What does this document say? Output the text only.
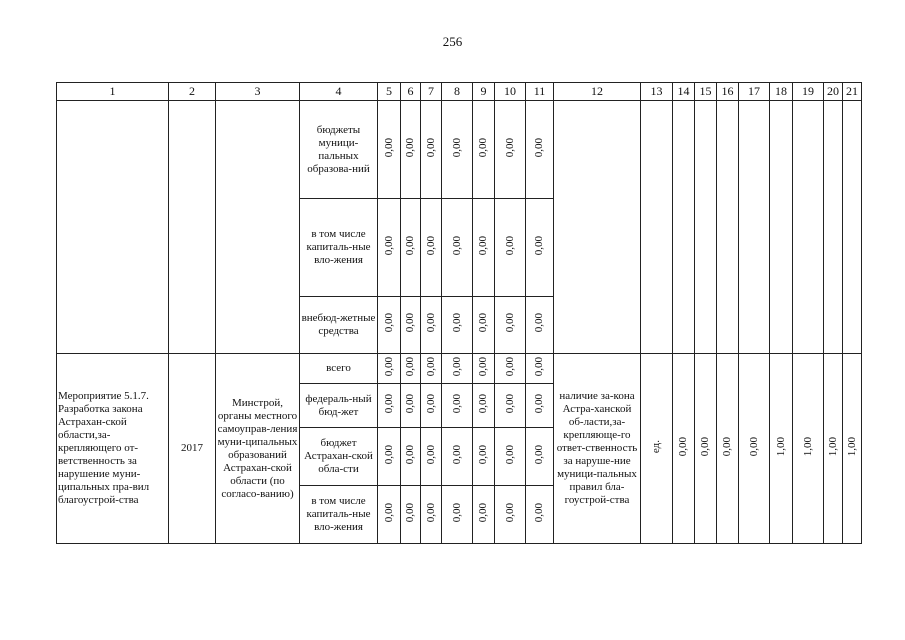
256
1	2	3	4	5	6	7	8	9	10	11	12	13	14	15	16	17	18	19	20	21
			бюджеты муници-пальных образова-ний	0,00	0,00	0,00	0,00	0,00	0,00	0,00										
			в том числе капиталь-ные вло-жения	0,00	0,00	0,00	0,00	0,00	0,00	0,00										
			внебюд-жетные средства	0,00	0,00	0,00	0,00	0,00	0,00	0,00										
Мероприятие 5.1.7. Разработка закона Астрахан-ской области,за-крепляющего от-ветственность за нарушение муни-ципальных пра-вил благоустрой-ства	2017	Минстрой, органы местного самоуправ-ления муни-ципальных образований Астрахан-ской области (по согласо-ванию)	всего	0,00	0,00	0,00	0,00	0,00	0,00	0,00	наличие за-кона Астра-ханской об-ласти,за-крепляюще-го ответ-ственность за наруше-ние муници-пальных правил бла-гоустрой-ства	ед.	0,00	0,00	0,00	0,00	1,00	1,00	1,00	1,00
			федераль-ный бюд-жет	0,00	0,00	0,00	0,00	0,00	0,00	0,00										
			бюджет Астрахан-ской обла-сти	0,00	0,00	0,00	0,00	0,00	0,00	0,00										
			в том числе капиталь-ные вло-жения	0,00	0,00	0,00	0,00	0,00	0,00	0,00										
